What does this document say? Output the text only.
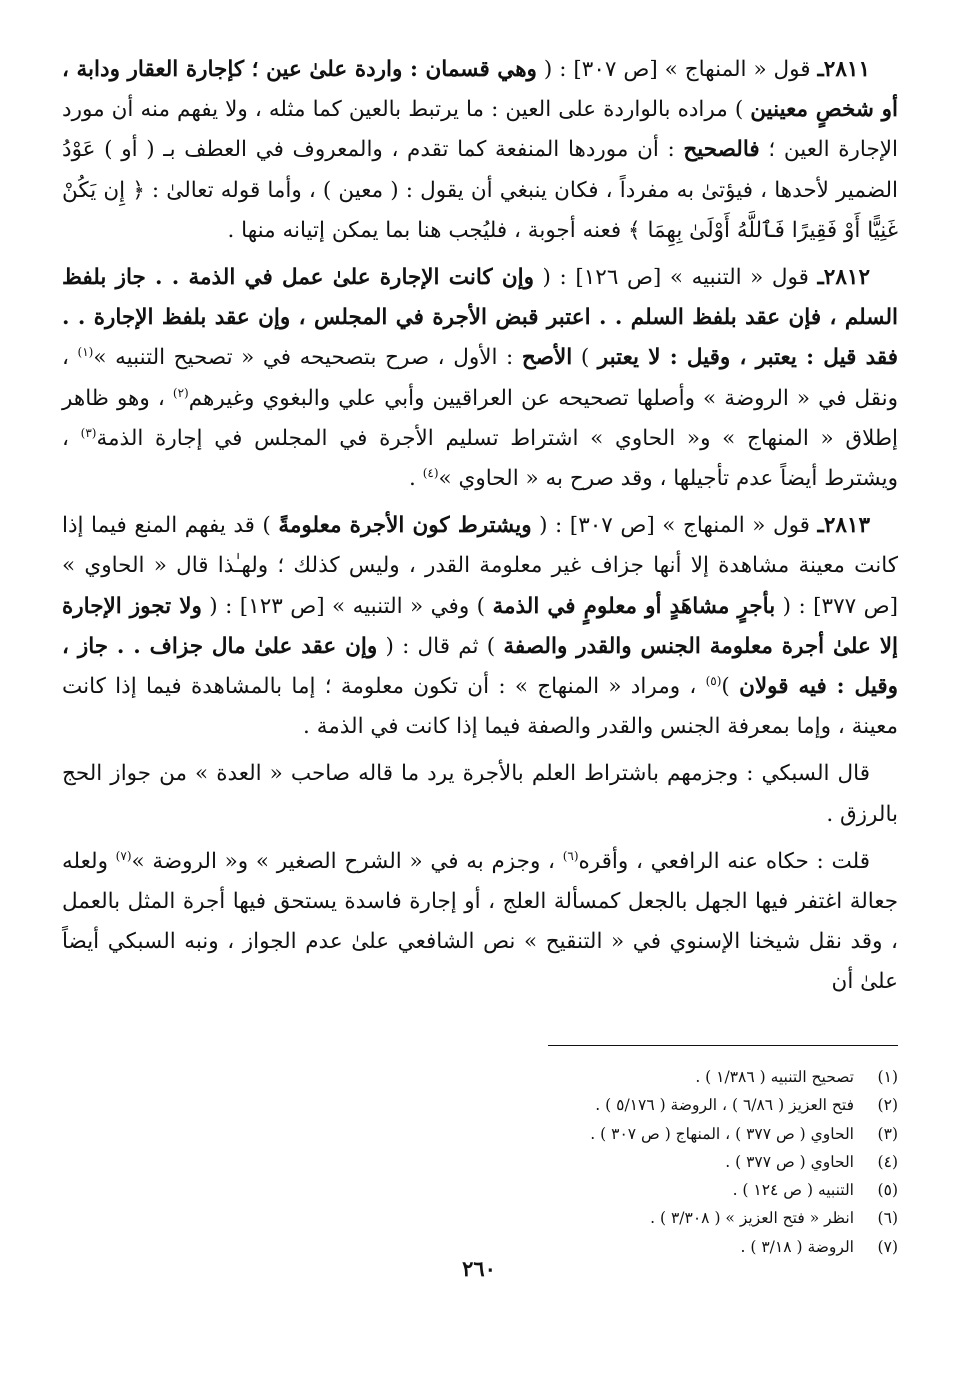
٢٨١١ـ قول « المنهاج » [ص ٣٠٧] : ( وهي قسمان : واردة علىٰ عين ؛ كإجارة العقار ودابة ، أو شخصٍ معينين ) مراده بالواردة على العين : ما يرتبط بالعين كما مثله ، ولا يفهم منه أن مورد الإجارة العين ؛ فالصحيح : أن موردها المنفعة كما تقدم ، والمعروف في العطف بـ ( أو ) عَوْدُ الضمير لأحدها ، فيؤتىٰ به مفرداً ، فكان ينبغي أن يقول : ( معين ) ، وأما قوله تعالىٰ : ﴿ إِن يَكُنْ غَنِيًّا أَوْ فَقِيرًا فَٱللَّهُ أَوْلَىٰ بِهِمَا ﴾ فعنه أجوبة ، فليُجب هنا بما يمكن إتيانه منها .

٢٨١٢ـ قول « التنبيه » [ص ١٢٦] : ( وإن كانت الإجارة علىٰ عمل في الذمة . . جاز بلفظ السلم ، فإن عقد بلفظ السلم . . اعتبر قبض الأجرة في المجلس ، وإن عقد بلفظ الإجارة . . فقد قيل : يعتبر ، وقيل : لا يعتبر ) الأصح : الأول ، صرح بتصحيحه في « تصحيح التنبيه »$^{(١)}$ ، ونقل في « الروضة » وأصلها تصحيحه عن العراقيين وأبي علي والبغوي وغيرهم$^{(٢)}$ ، وهو ظاهر إطلاق « المنهاج » و« الحاوي » اشتراط تسليم الأجرة في المجلس في إجارة الذمة$^{(٣)}$ ، ويشترط أيضاً عدم تأجيلها ، وقد صرح به « الحاوي »$^{(٤)}$ .

٢٨١٣ـ قول « المنهاج » [ص ٣٠٧] : ( ويشترط كون الأجرة معلومةً ) قد يفهم المنع فيما إذا كانت معينة مشاهدة إلا أنها جزاف غير معلومة القدر ، وليس كذلك ؛ ولهـٰذا قال « الحاوي » [ص ٣٧٧] : ( بأجرٍ مشاهَدٍ أو معلومٍ في الذمة ) وفي « التنبيه » [ص ١٢٣] : ( ولا تجوز الإجارة إلا علىٰ أجرة معلومة الجنس والقدر والصفة ) ثم قال : ( وإن عقد علىٰ مال جزاف . . جاز ، وقيل : فيه قولان )$^{(٥)}$ ، ومراد « المنهاج » : أن تكون معلومة ؛ إما بالمشاهدة فيما إذا كانت معينة ، وإما بمعرفة الجنس والقدر والصفة فيما إذا كانت في الذمة .

قال السبكي : وجزمهم باشتراط العلم بالأجرة يرد ما قاله صاحب « العدة » من جواز الحج بالرزق .

قلت : حكاه عنه الرافعي ، وأقره$^{(٦)}$ ، وجزم به في « الشرح الصغير » و« الروضة »$^{(٧)}$ ولعله جعالة اغتفر فيها الجهل بالجعل كمسألة العلج ، أو إجارة فاسدة يستحق فيها أجرة المثل بالعمل ، وقد نقل شيخنا الإسنوي في « التنقيح » نص الشافعي علىٰ عدم الجواز ، ونبه السبكي أيضاً علىٰ أن

(١)تصحيح التنبيه ( ١/٣٨٦ ) .
(٢)فتح العزيز ( ٦/٨٦ ) ، الروضة ( ٥/١٧٦ ) .
(٣)الحاوي ( ص ٣٧٧ ) ، المنهاج ( ص ٣٠٧ ) .
(٤)الحاوي ( ص ٣٧٧ ) .
(٥)التنبيه ( ص ١٢٤ ) .
(٦)انظر « فتح العزيز » ( ٣/٣٠٨ ) .
(٧)الروضة ( ٣/١٨ ) .
٢٦٠
